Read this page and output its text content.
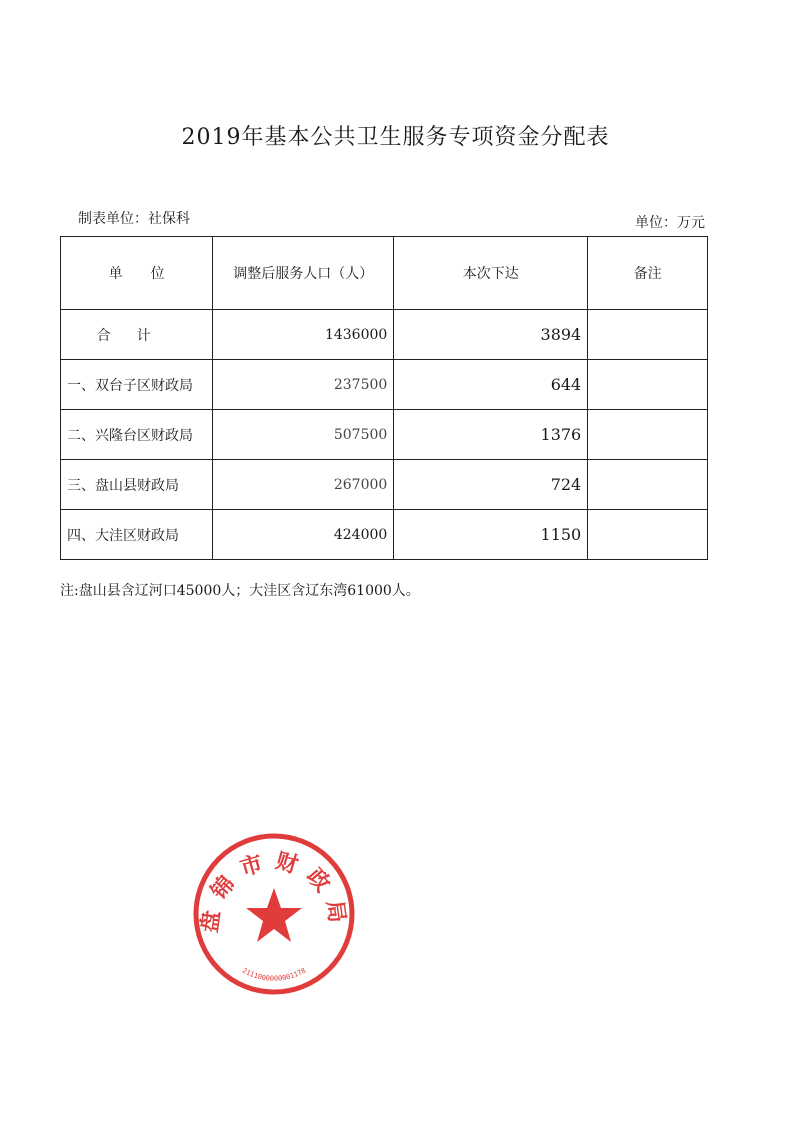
2019年基本公共卫生服务专项资金分配表
制表单位：社保科	单位：万元
单　　位	调整后服务人口（人）	本次下达	备注
合计	1436000	3894	
一、双台子区财政局	237500	644	
二、兴隆台区财政局	507500	1376	
三、盘山县财政局	267000	724	
四、大洼区财政局	424000	1150	
注:盘山县含辽河口45000人；大洼区含辽东湾61000人。
盘锦市财政局
2111000000001178
